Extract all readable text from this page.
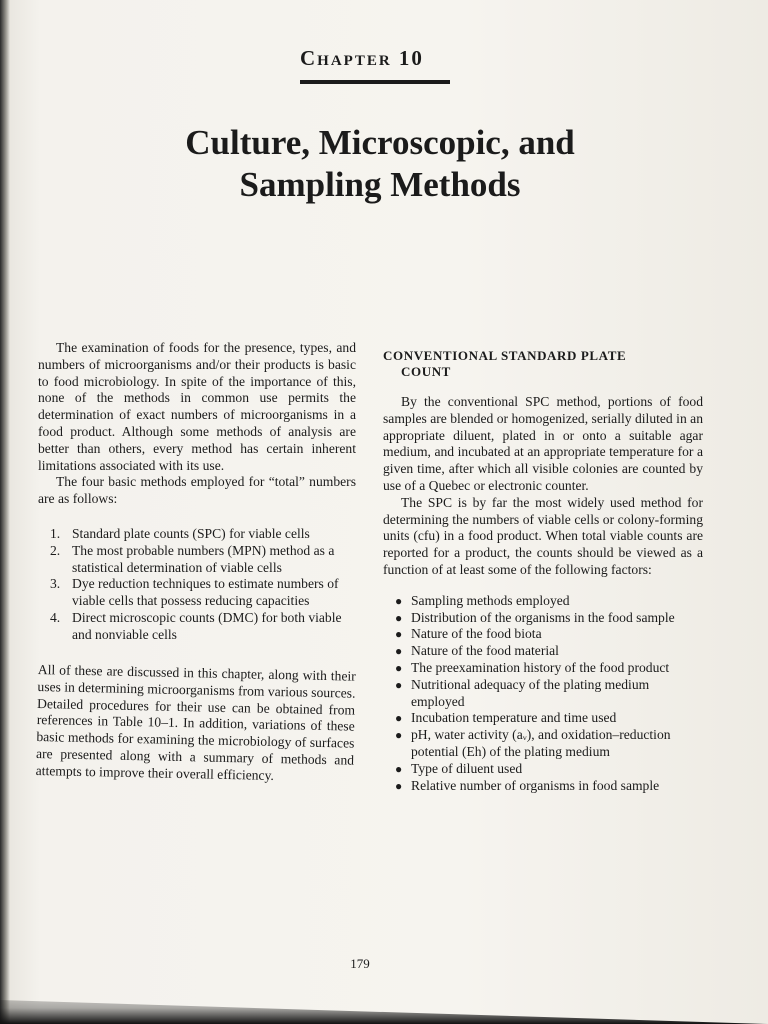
Chapter 10
Culture, Microscopic, and
Sampling Methods

The examination of foods for the presence, types, and numbers of microorganisms and/or their products is basic to food microbiology. In spite of the importance of this, none of the methods in common use permits the determination of exact numbers of microorganisms in a food product. Although some methods of analysis are better than others, every method has certain inherent limitations associated with its use.

The four basic methods employed for “total” numbers are as follows:

1. Standard plate counts (SPC) for viable cells
2. The most probable numbers (MPN) method as a statistical determination of viable cells
3. Dye reduction techniques to estimate numbers of viable cells that possess reducing capacities
4. Direct microscopic counts (DMC) for both viable and nonviable cells

All of these are discussed in this chapter, along with their uses in determining microorganisms from various sources. Detailed procedures for their use can be obtained from references in Table 10–1. In addition, variations of these basic methods for examining the microbiology of surfaces are presented along with a summary of methods and attempts to improve their overall efficiency.

CONVENTIONAL STANDARD PLATE
COUNT

By the conventional SPC method, portions of food samples are blended or homogenized, serially diluted in an appropriate diluent, plated in or onto a suitable agar medium, and incubated at an appropriate temperature for a given time, after which all visible colonies are counted by use of a Quebec or electronic counter.

The SPC is by far the most widely used method for determining the numbers of viable cells or colony-forming units (cfu) in a food product. When total viable counts are reported for a product, the counts should be viewed as a function of at least some of the following factors:

● Sampling methods employed
● Distribution of the organisms in the food sample
● Nature of the food biota
● Nature of the food material
● The preexamination history of the food product
● Nutritional adequacy of the plating medium employed
● Incubation temperature and time used
● pH, water activity (aᵥ), and oxidation–reduction potential (Eh) of the plating medium
● Type of diluent used
● Relative number of organisms in food sample
179
